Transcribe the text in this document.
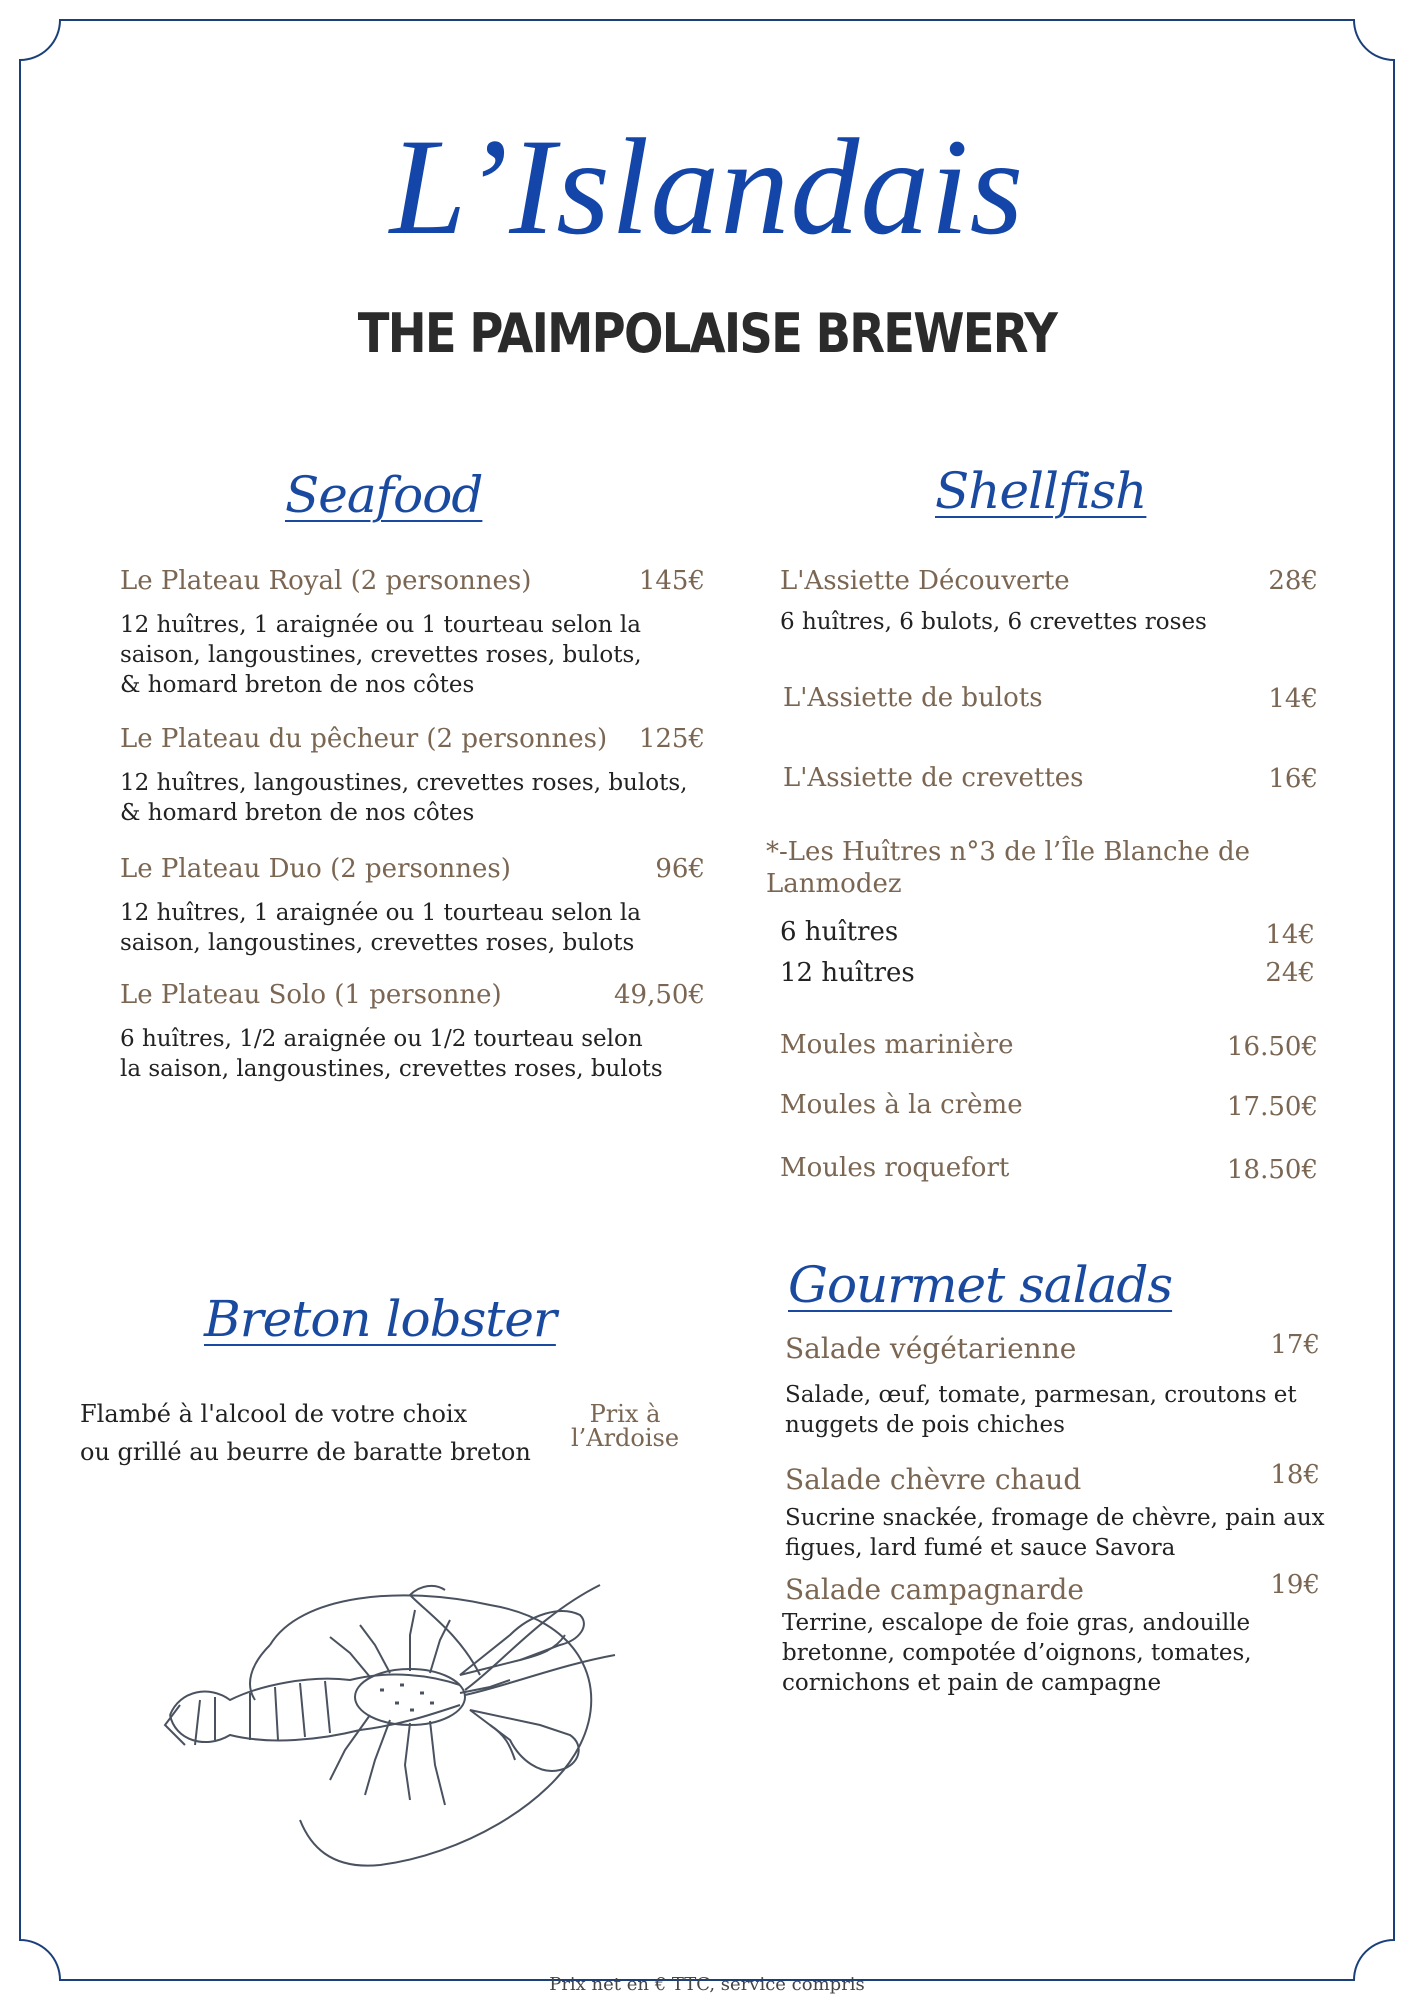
L’Islandais
THE PAIMPOLAISE BREWERY
Seafood
Le Plateau Royal (2 personnes)	145€
12 huîtres, 1 araignée ou 1 tourteau selon la
saison, langoustines, crevettes roses, bulots,
& homard breton de nos côtes
Le Plateau du pêcheur (2 personnes)	125€
12 huîtres, langoustines, crevettes roses, bulots,
& homard breton de nos côtes
Le Plateau Duo (2 personnes)	96€
12 huîtres, 1 araignée ou 1 tourteau selon la
saison, langoustines, crevettes roses, bulots
Le Plateau Solo (1 personne)	49,50€
6 huîtres, 1/2 araignée ou 1/2 tourteau selon
la saison, langoustines, crevettes roses, bulots
Shellfish
L'Assiette Découverte	28€
6 huîtres, 6 bulots, 6 crevettes roses
L'Assiette de bulots	14€
L'Assiette de crevettes	16€
*-Les Huîtres n°3 de l’Île Blanche de
Lanmodez
6 huîtres	14€
12 huîtres	24€
Moules marinière	16.50€
Moules à la crème	17.50€
Moules roquefort	18.50€
Breton lobster
Flambé à l'alcool de votre choix
ou grillé au beurre de baratte breton
Prix à
l’Ardoise
Gourmet salads
Salade végétarienne	17€
Salade, œuf, tomate, parmesan, croutons et
nuggets de pois chiches
Salade chèvre chaud	18€
Sucrine snackée, fromage de chèvre, pain aux
figues, lard fumé et sauce Savora
Salade campagnarde	19€
Terrine, escalope de foie gras, andouille
bretonne, compotée d’oignons, tomates,
cornichons et pain de campagne
Prix net en € TTC, service compris
